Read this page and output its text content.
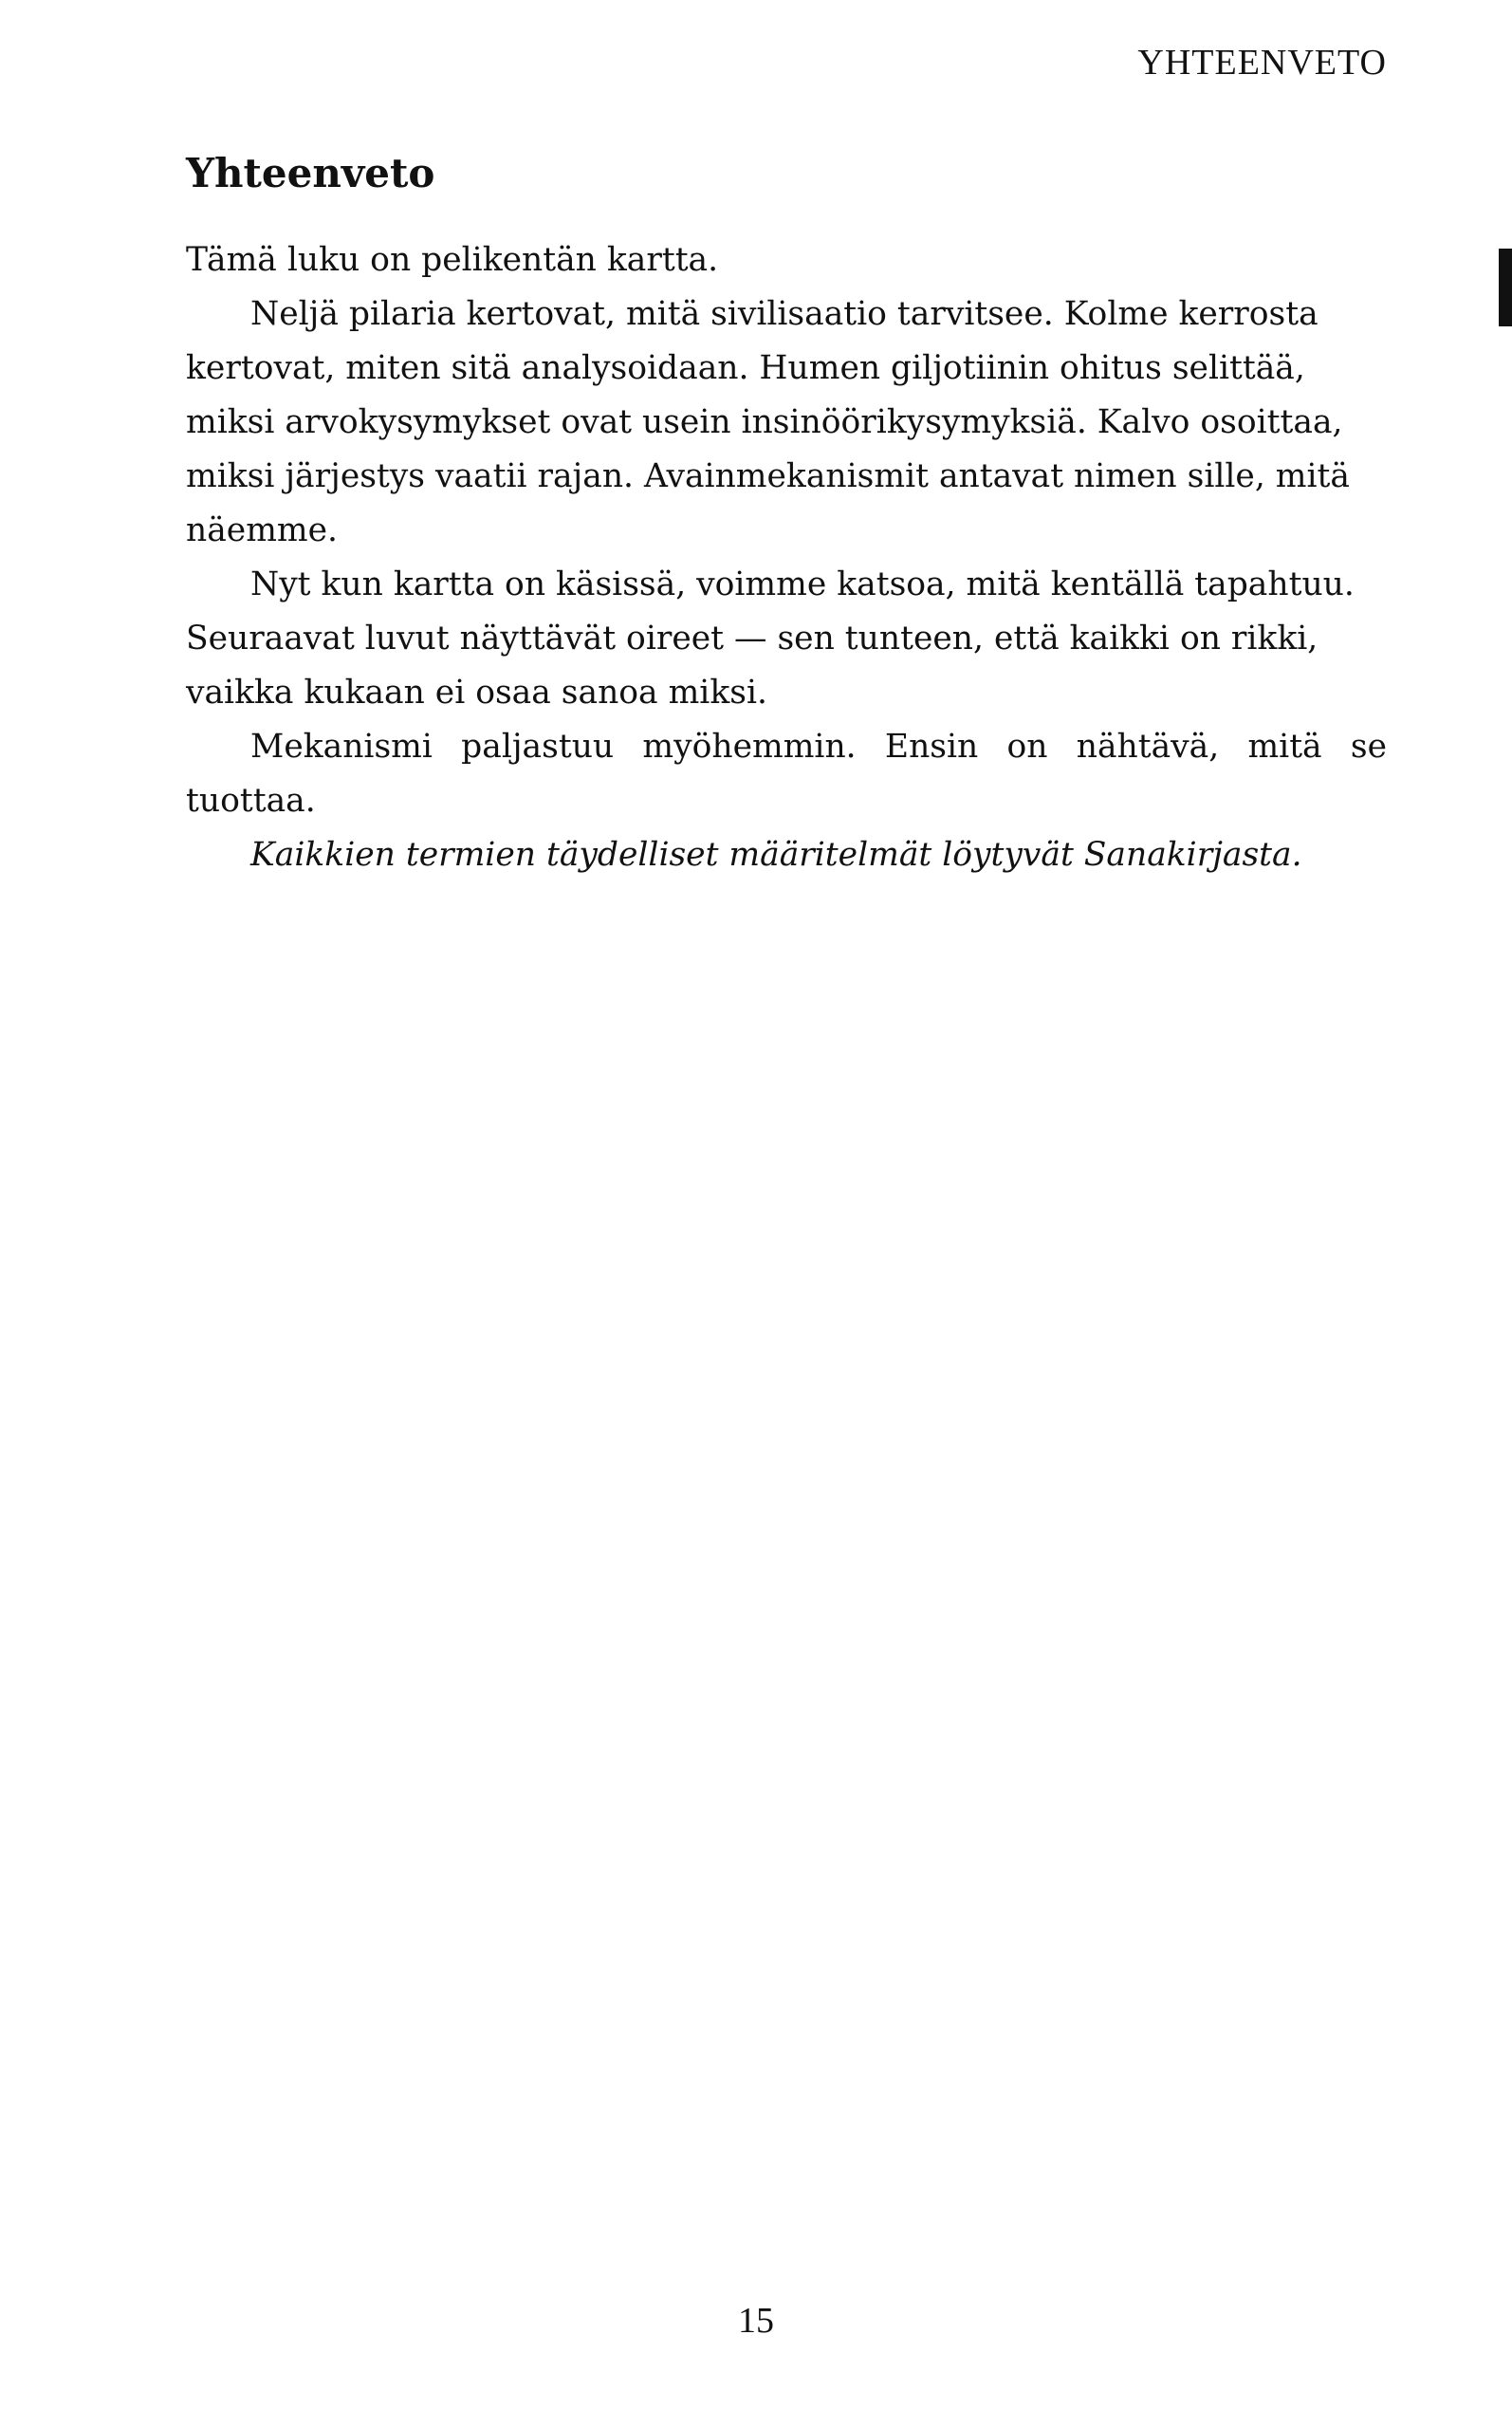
YHTEENVETO
Yhteenveto

Tämä luku on pelikentän kartta.

Neljä pilaria kertovat, mitä sivilisaatio tarvitsee. Kolme kerrosta
kertovat, miten sitä analysoidaan. Humen giljotiinin ohitus selittää,
miksi arvokysymykset ovat usein insinöörikysymyksiä. Kalvo osoittaa,
miksi järjestys vaatii rajan. Avainmekanismit antavat nimen sille, mitä
näemme.

Nyt kun kartta on käsissä, voimme katsoa, mitä kentällä tapahtuu.
Seuraavat luvut näyttävät oireet — sen tunteen, että kaikki on rikki,
vaikka kukaan ei osaa sanoa miksi.

Mekanismi paljastuu myöhemmin. Ensin on nähtävä, mitä se tuottaa.

Kaikkien termien täydelliset määritelmät löytyvät Sanakirjasta.

15
